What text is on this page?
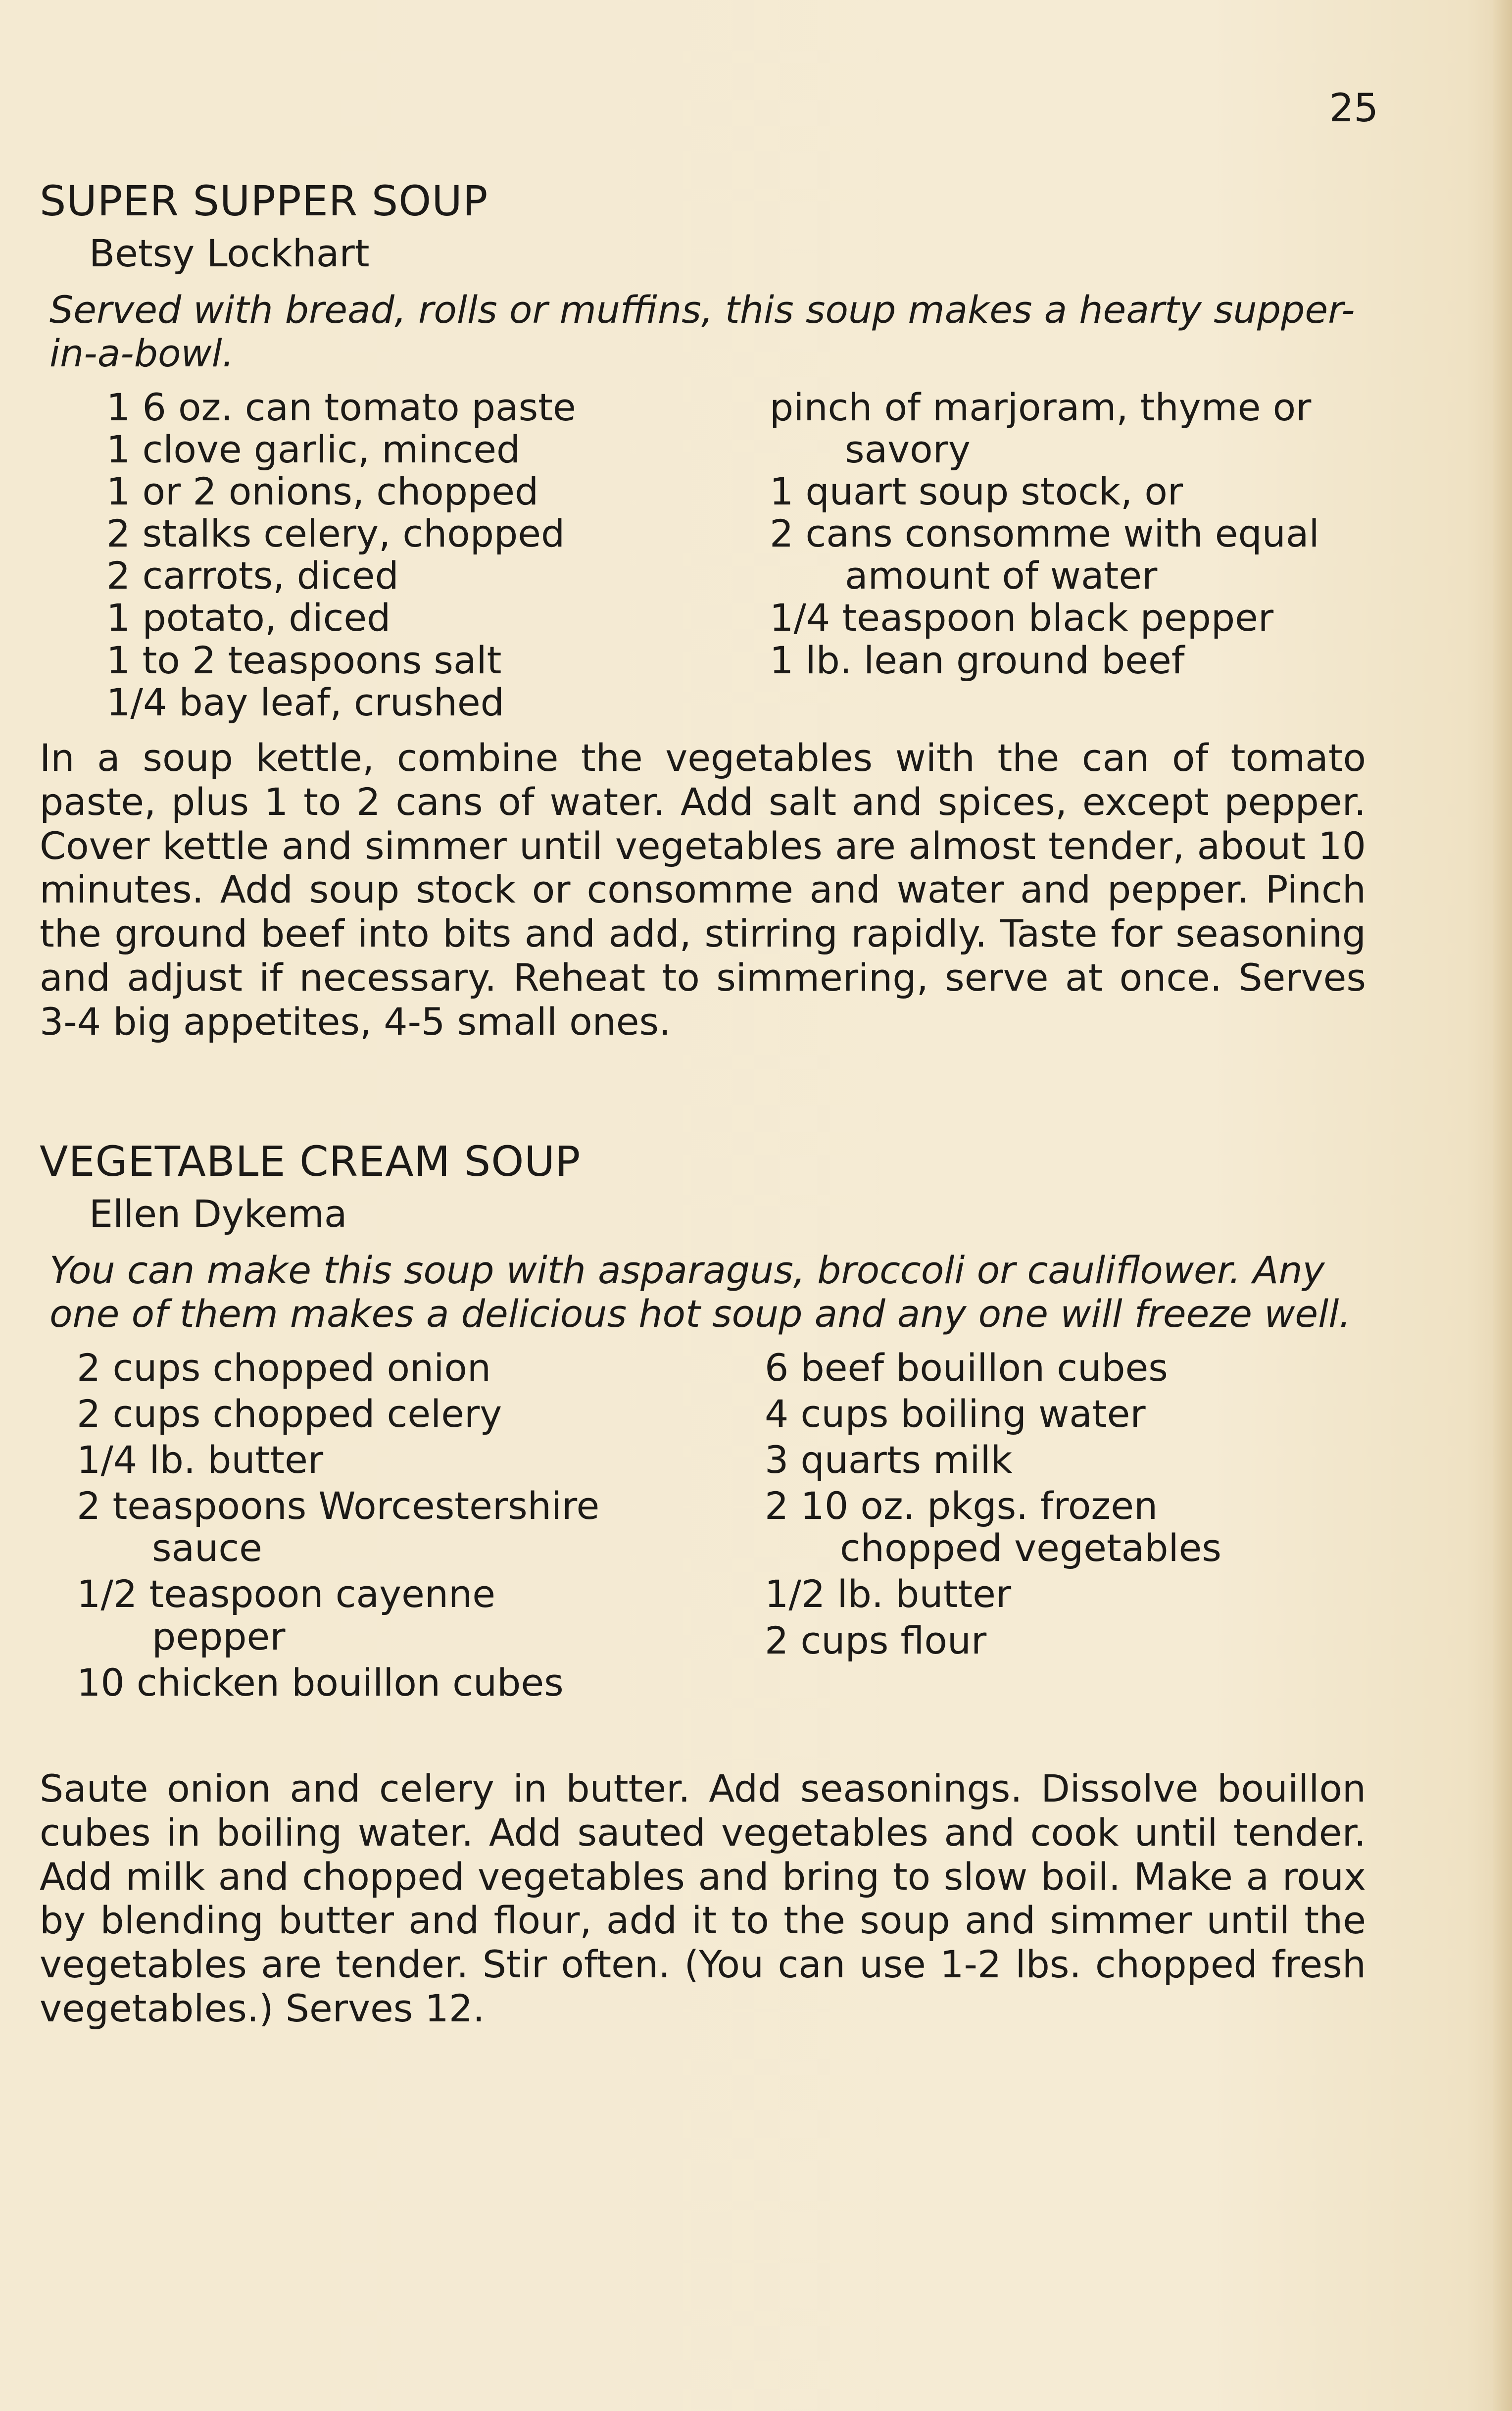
25
SUPER SUPPER SOUP
Betsy Lockhart
Served with bread, rolls or muffins, this soup makes a hearty supper-in-a-bowl.
1 6 oz. can tomato paste
1 clove garlic, minced
1 or 2 onions, chopped
2 stalks celery, chopped
2 carrots, diced
1 potato, diced
1 to 2 teaspoons salt
1/4 bay leaf, crushed
pinch of marjoram, thyme or savory
1 quart soup stock, or
2 cans consomme with equal amount of water
1/4 teaspoon black pepper
1 lb. lean ground beef

In a soup kettle, combine the vegetables with the can of tomato paste, plus 1 to 2 cans of water. Add salt and spices, except pepper. Cover kettle and simmer until vegetables are almost tender, about 10 minutes. Add soup stock or consomme and water and pepper. Pinch the ground beef into bits and add, stirring rapidly. Taste for seasoning and adjust if necessary. Reheat to simmering, serve at once. Serves 3-4 big appetites, 4-5 small ones.

VEGETABLE CREAM SOUP
Ellen Dykema
You can make this soup with asparagus, broccoli or cauliflower. Any one of them makes a delicious hot soup and any one will freeze well.
2 cups chopped onion
2 cups chopped celery
1/4 lb. butter
2 teaspoons Worcestershire sauce
1/2 teaspoon cayenne pepper
10 chicken bouillon cubes
6 beef bouillon cubes
4 cups boiling water
3 quarts milk
2 10 oz. pkgs. frozen chopped vegetables
1/2 lb. butter
2 cups flour

Saute onion and celery in butter. Add seasonings. Dissolve bouillon cubes in boiling water. Add sauted vegetables and cook until tender. Add milk and chopped vegetables and bring to slow boil. Make a roux by blending butter and flour, add it to the soup and simmer until the vegetables are tender. Stir often. (You can use 1-2 lbs. chopped fresh vegetables.) Serves 12.
